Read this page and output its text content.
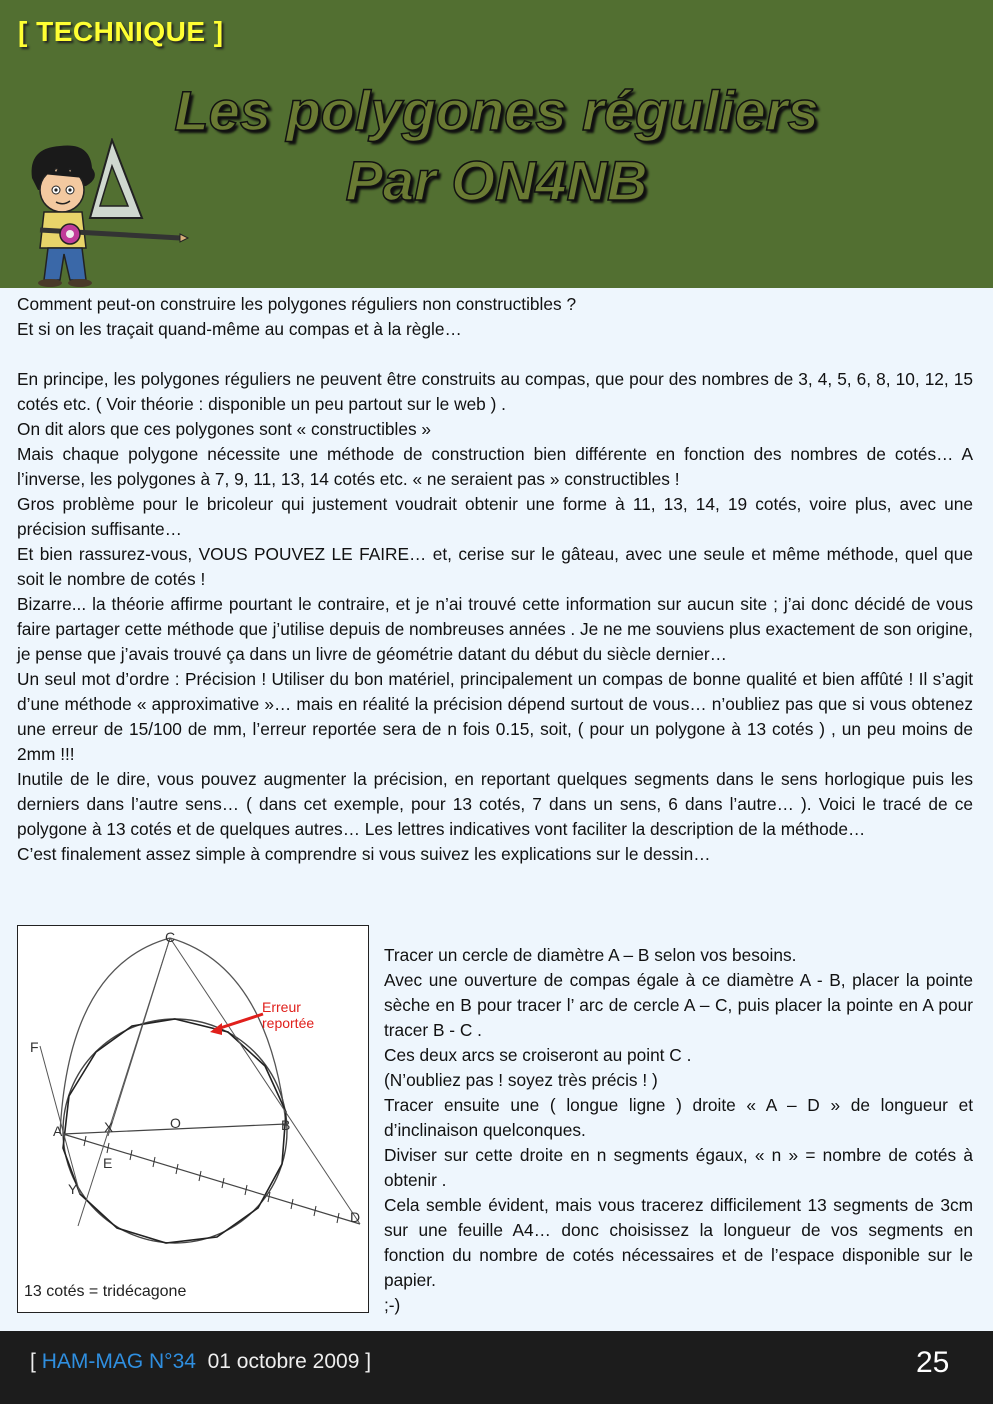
[ TECHNIQUE ]
Les polygones réguliers
Par ON4NB

Comment peut-on construire les polygones réguliers non constructibles ?

Et si on les traçait quand-même au compas et à la règle…

En principe, les polygones réguliers ne peuvent être construits au compas, que pour des nombres de 3, 4, 5, 6, 8, 10, 12, 15 cotés etc. ( Voir théorie : disponible un peu partout sur le web ) .

On dit alors que ces polygones sont « constructibles »

Mais chaque polygone nécessite une méthode de construction bien différente en fonction des nombres de cotés… A l’inverse, les polygones à 7, 9, 11, 13, 14 cotés etc. « ne seraient pas » constructibles !

Gros problème pour le bricoleur qui justement voudrait obtenir une forme à 11, 13, 14, 19 cotés, voire plus, avec une précision suffisante…

Et bien rassurez-vous, VOUS POUVEZ LE FAIRE… et, cerise sur le gâteau, avec une seule et même méthode, quel que soit le nombre de cotés !

Bizarre... la théorie affirme pourtant le contraire, et je n’ai trouvé cette information sur aucun site ; j’ai donc décidé de vous faire partager cette méthode que j’utilise depuis de nombreuses années . Je ne me souviens plus exactement de son origine, je pense que j’avais trouvé ça dans un livre de géométrie datant du début du siècle dernier…

Un seul mot d’ordre : Précision ! Utiliser du bon matériel, principalement un compas de bonne qualité et bien affûté ! Il s’agit d’une méthode « approximative »… mais en réalité la précision dépend surtout de vous… n’oubliez pas que si vous obtenez une erreur de 15/100 de mm, l’erreur reportée sera de n fois 0.15, soit, ( pour un polygone à 13 cotés ) , un peu moins de 2mm !!!

Inutile de le dire, vous pouvez augmenter la précision, en reportant quelques segments dans le sens horlogique puis les derniers dans l’autre sens… ( dans cet exemple, pour 13 cotés, 7 dans un sens, 6 dans l’autre… ). Voici le tracé de ce polygone à 13 cotés et de quelques autres… Les lettres indicatives vont faciliter la description de la méthode…

C’est finalement assez simple à comprendre si vous suivez les explications sur le dessin…

C
F
A	X	O	B
E
Y
D
Erreur
reportée
13 cotés = tridécagone

Tracer un cercle de diamètre A – B selon vos besoins.

Avec une ouverture de compas égale à ce diamètre A - B, placer la pointe sèche en B pour tracer l’ arc de cercle A – C, puis placer la pointe en A pour tracer B - C .

Ces deux arcs se croiseront au point C .

(N’oubliez pas ! soyez très précis ! )

Tracer ensuite une ( longue ligne ) droite « A – D » de longueur et d’inclinaison quelconques.

Diviser sur cette droite en n segments égaux, « n » = nombre de cotés à obtenir .

Cela semble évident, mais vous tracerez difficilement 13 segments de 3cm sur une feuille A4… donc choisissez la longueur de vos segments en fonction du nombre de cotés nécessaires et de l’espace disponible sur le papier.

;-)

[ HAM-MAG N°34 01 octobre 2009 ]	25
